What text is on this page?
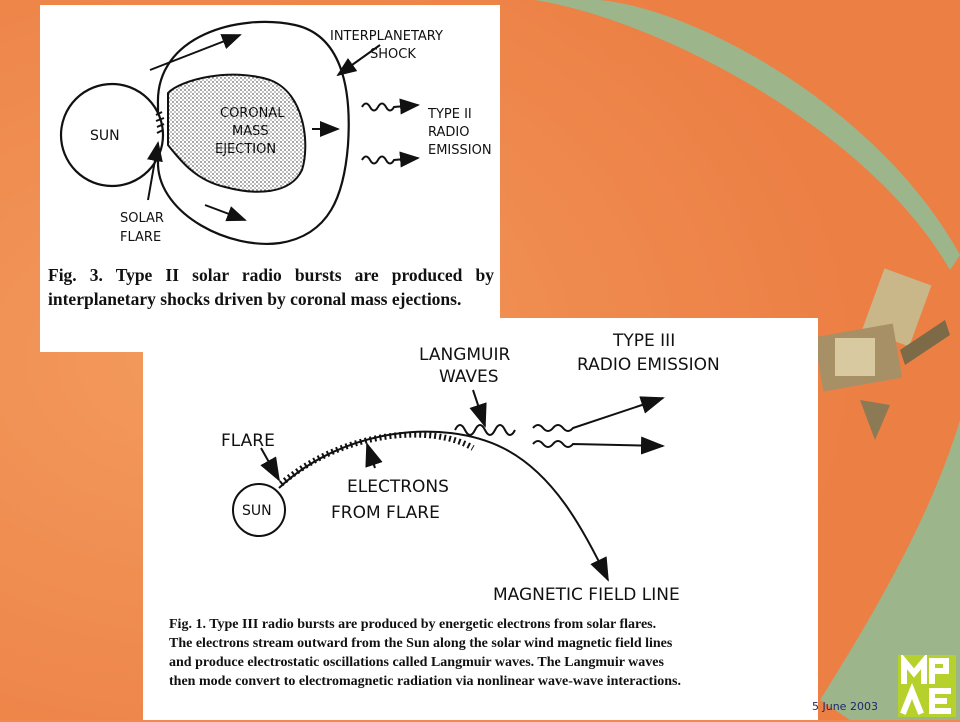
SUN
CORONAL
MASS
EJECTION
INTERPLANETARY
SHOCK
TYPE II
RADIO
EMISSION
SOLAR
FLARE
Fig. 3. Type II solar radio bursts are produced by interplanetary shocks driven by coronal mass ejections.
LANGMUIR
WAVES
TYPE III
RADIO EMISSION
FLARE
SUN
ELECTRONS
FROM FLARE
MAGNETIC FIELD LINE
Fig. 1. Type III radio bursts are produced by energetic electrons from solar flares.
The electrons stream outward from the Sun along the solar wind magnetic field lines
and produce electrostatic oscillations called Langmuir waves. The Langmuir waves
then mode convert to electromagnetic radiation via nonlinear wave-wave interactions.
5 June 2003
